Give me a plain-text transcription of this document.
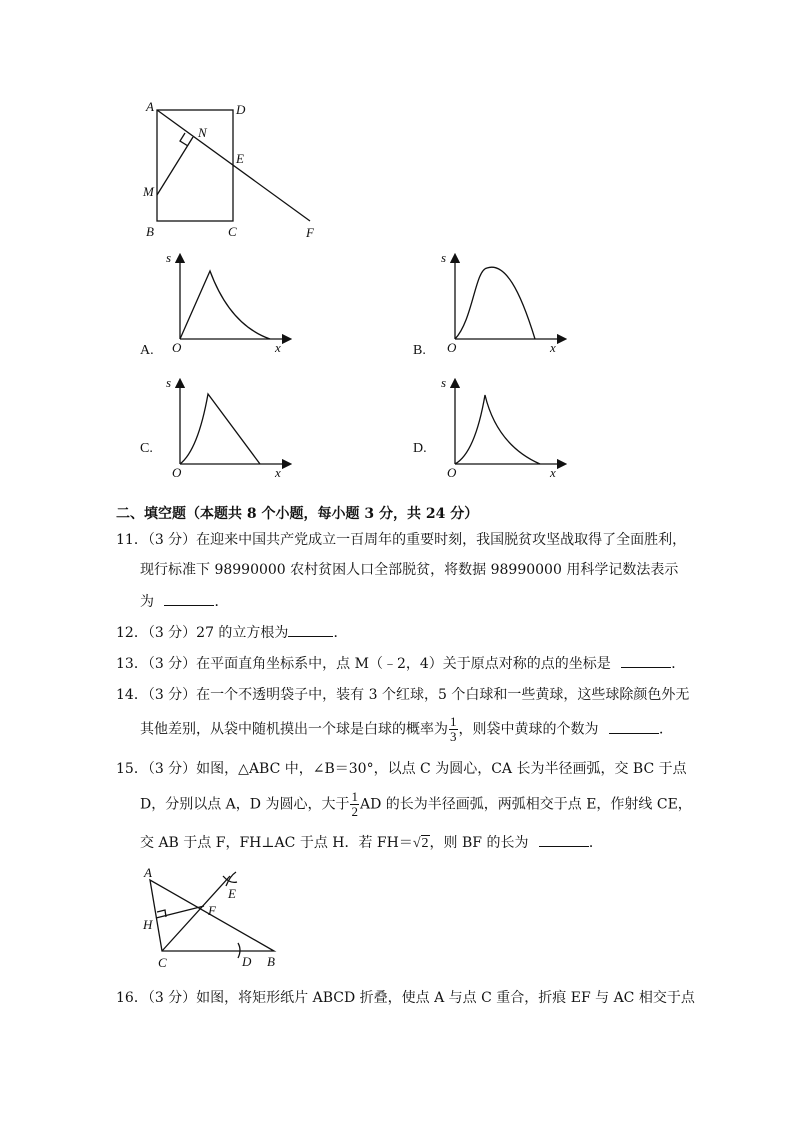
A	D
N
E
M
B	C	F
A.
s
O	x	B.
s
O	x
C.
s
O	x
D.
s
O	x
二、填空题（本题共 8 个小题，每小题 3 分，共 24 分）
11．（3 分）在迎来中国共产党成立一百周年的重要时刻，我国脱贫攻坚战取得了全面胜利，
现行标准下 98990000 农村贫困人口全部脱贫，将数据 98990000 用科学记数法表示
为	．
12．（3 分）27 的立方根为	．
13．（3 分）在平面直角坐标系中，点 M（﹣2，4）关于原点对称的点的坐标是	．
14．（3 分）在一个不透明袋子中，装有 3 个红球，5 个白球和一些黄球，这些球除颜色外无
其他差别，从袋中随机摸出一个球是白球的概率为 $\frac{1}{3}$ ，则袋中黄球的个数为	．
15．（3 分）如图，△ABC 中，∠B＝30°，以点 C 为圆心，CA 长为半径画弧，交 BC 于点
D，分别以点 A，D 为圆心，大于 $\frac{1}{2}$ AD 的长为半径画弧，两弧相交于点 E，作射线 CE，
交 AB 于点 F，FH⊥AC 于点 H．若 FH＝√2，则 BF 的长为	．
A
E
F
H
C	D B
16．（3 分）如图，将矩形纸片 ABCD 折叠，使点 A 与点 C 重合，折痕 EF 与 AC 相交于点
